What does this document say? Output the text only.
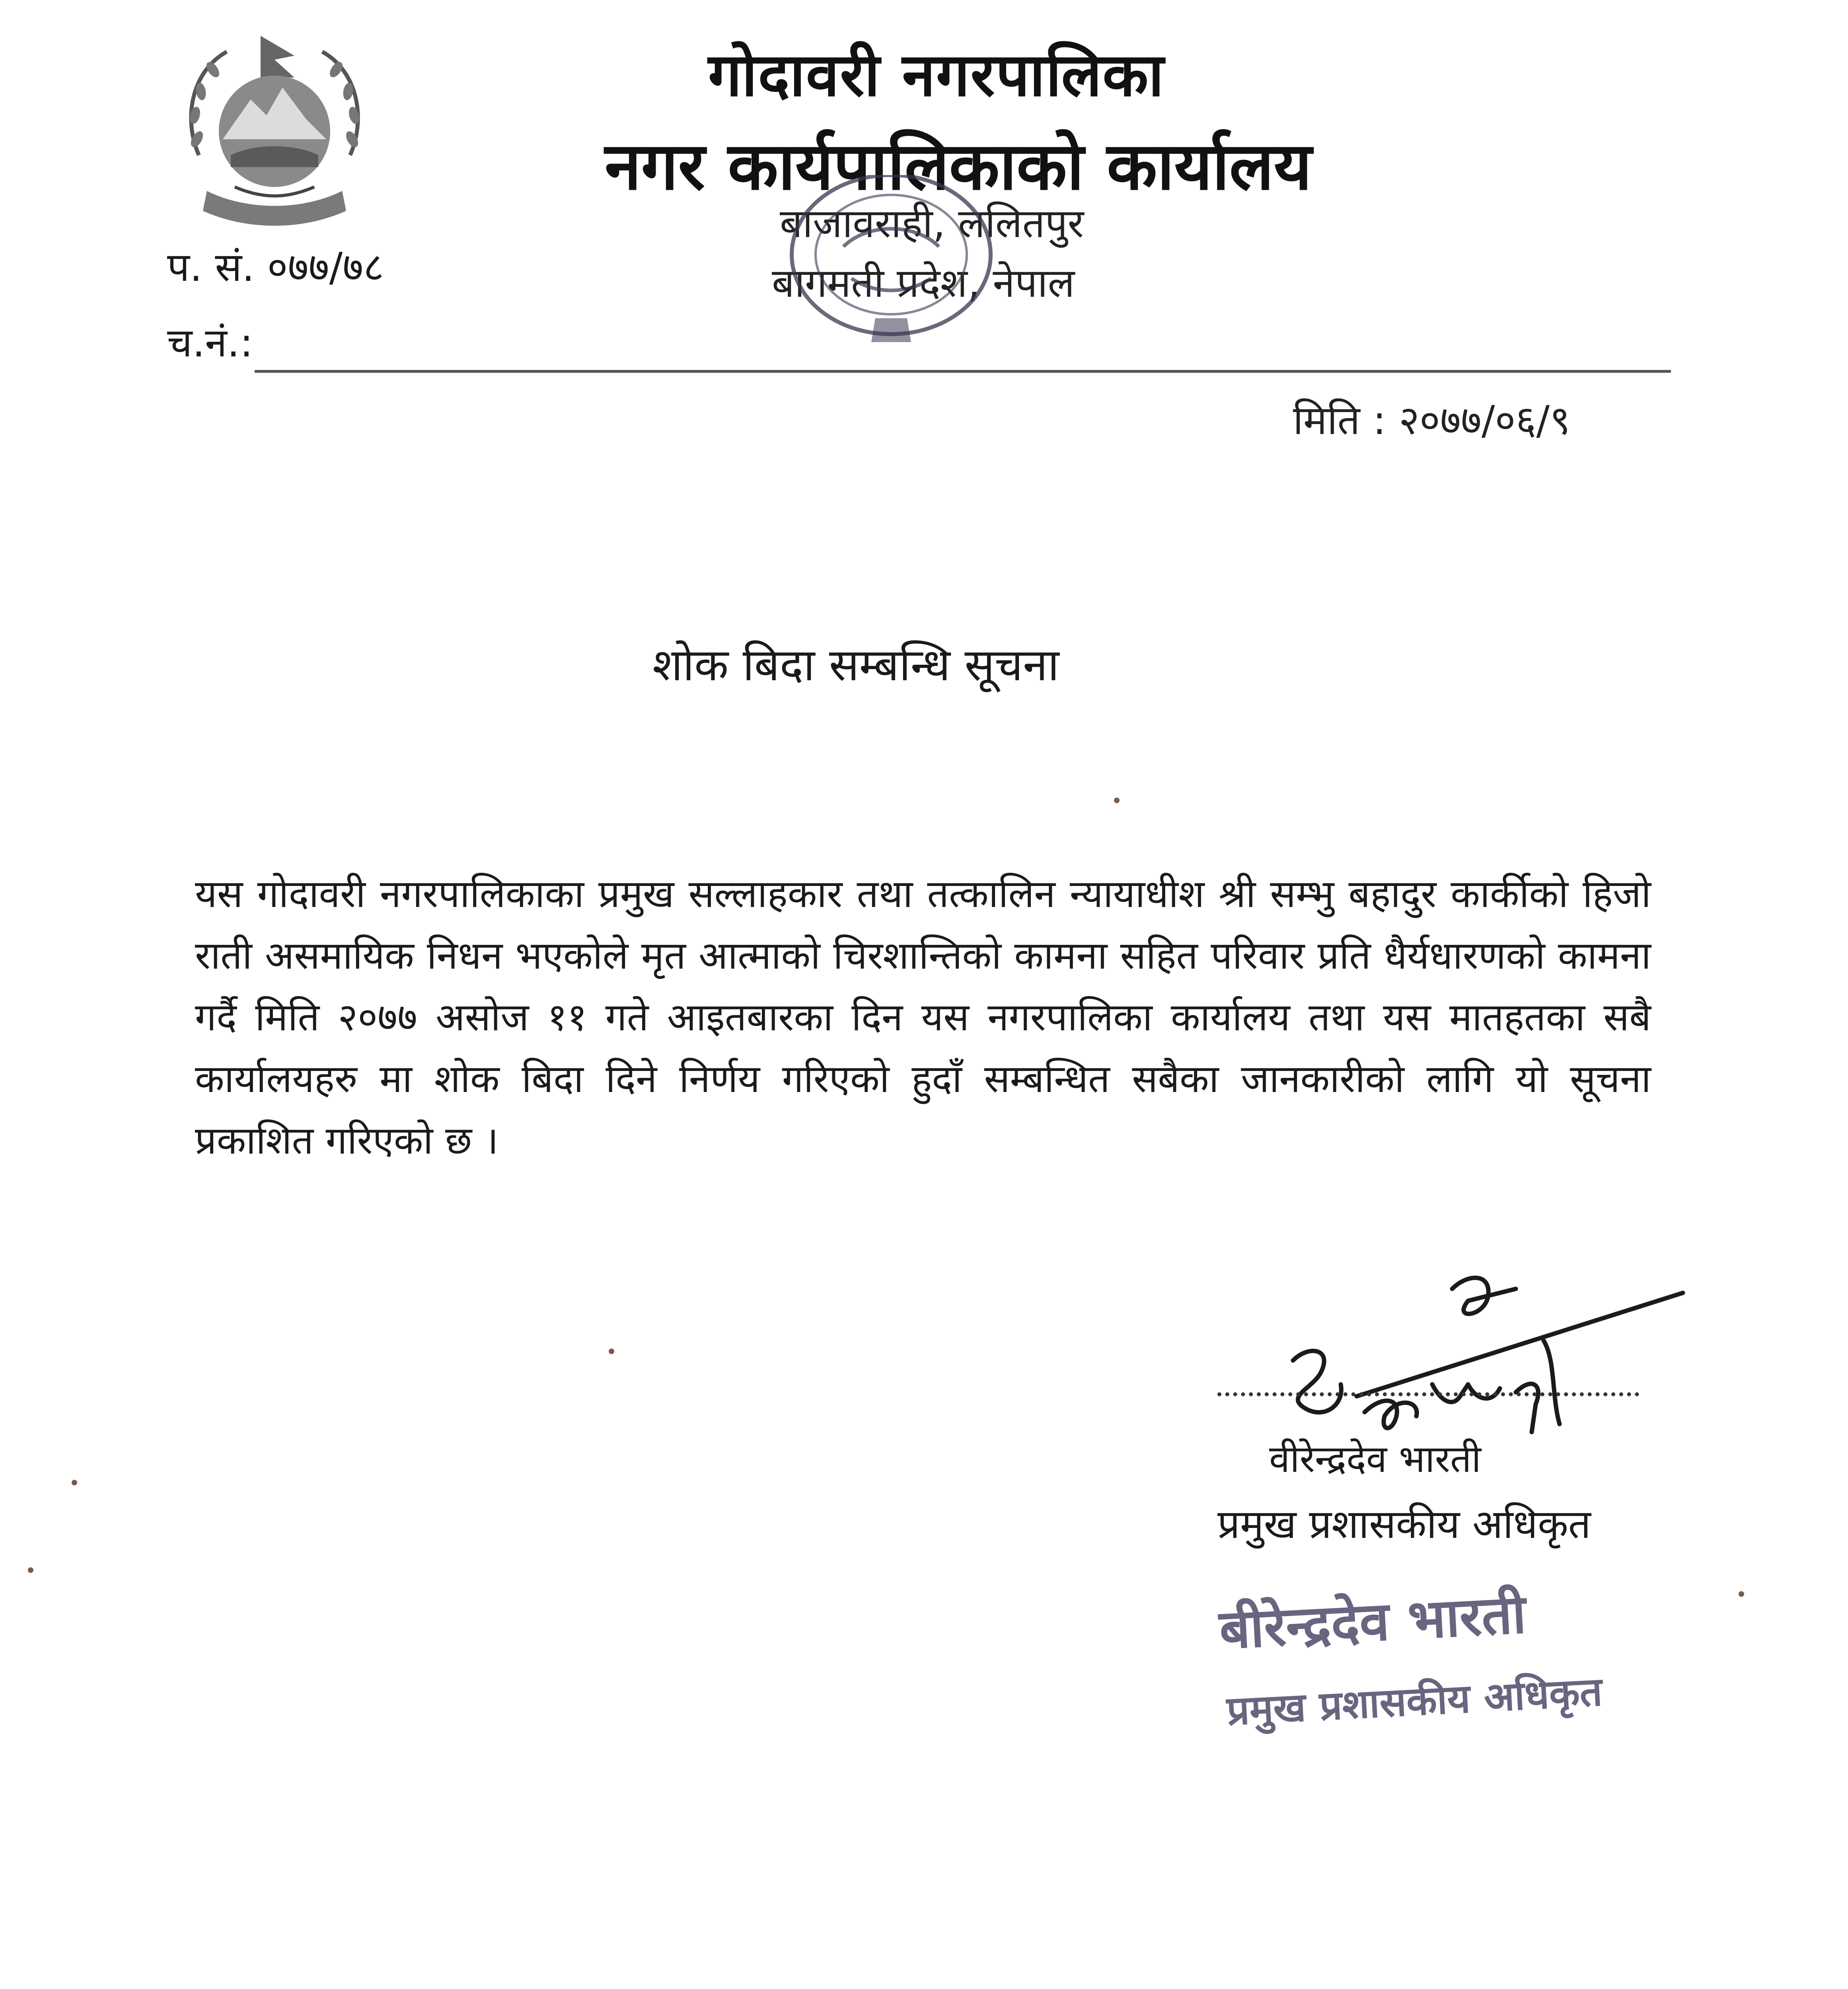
गोदावरी नगरपालिका
नगर कार्यपालिकाको कार्यालय
बाजावराही, ललितपुर
बागमती प्रदेश, नेपाल
प. सं. ०७७/७८
च.नं.:
मिति : २०७७/०६/९
शोक बिदा सम्बन्धि सूचना
यस गोदावरी नगरपालिकाका प्रमुख सल्लाहकार तथा तत्कालिन न्यायाधीश श्री सम्भु बहादुर कार्कीको हिजो राती असमायिक निधन भएकोले मृत आत्माको चिरशान्तिको कामना सहित परिवार प्रति धैर्यधारणको कामना गर्दै मिति २०७७ असोज ११ गते आइतबारका दिन यस नगरपालिका कार्यालय तथा यस मातहतका सबै कार्यालयहरु मा शोक बिदा दिने निर्णय गरिएको हुदाँ सम्बन्धित सबैका जानकारीको लागि यो सूचना प्रकाशित गरिएको छ ।
वीरेन्द्रदेव भारती
प्रमुख प्रशासकीय अधिकृत
बीरेन्द्रदेव भारती
प्रमुख प्रशासकीय अधिकृत
